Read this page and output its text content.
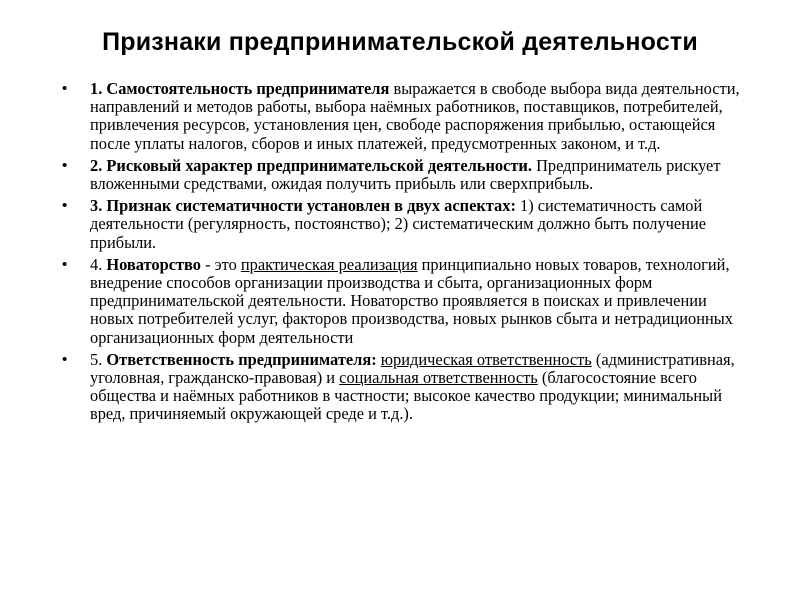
Признаки предпринимательской деятельности
• 1. Самостоятельность предпринимателя выражается в свободе выбора вида деятельности, направлений и методов работы, выбора наёмных работников, поставщиков, потребителей, привлечения ресурсов, установления цен, свободе распоряжения прибылью, остающейся после уплаты налогов, сборов и иных платежей, предусмотренных законом, и т.д.
• 2. Рисковый характер предпринимательской деятельности. Предприниматель рискует вложенными средствами, ожидая получить прибыль или сверхприбыль.
• 3. Признак систематичности установлен в двух аспектах: 1) систематичность самой деятельности (регулярность, постоянство); 2) систематическим должно быть получение прибыли.
• 4. Новаторство - это практическая реализация принципиально новых товаров, технологий, внедрение способов организации производства и сбыта, организационных форм предпринимательской деятельности. Новаторство проявляется в поисках и привлечении новых потребителей услуг, факторов производства, новых рынков сбыта и нетрадиционных организационных форм деятельности
• 5. Ответственность предпринимателя: юридическая ответственность (административная, уголовная, гражданско-правовая) и социальная ответственность (благосостояние всего общества и наёмных работников в частности; высокое качество продукции; минимальный вред, причиняемый окружающей среде и т.д.).
